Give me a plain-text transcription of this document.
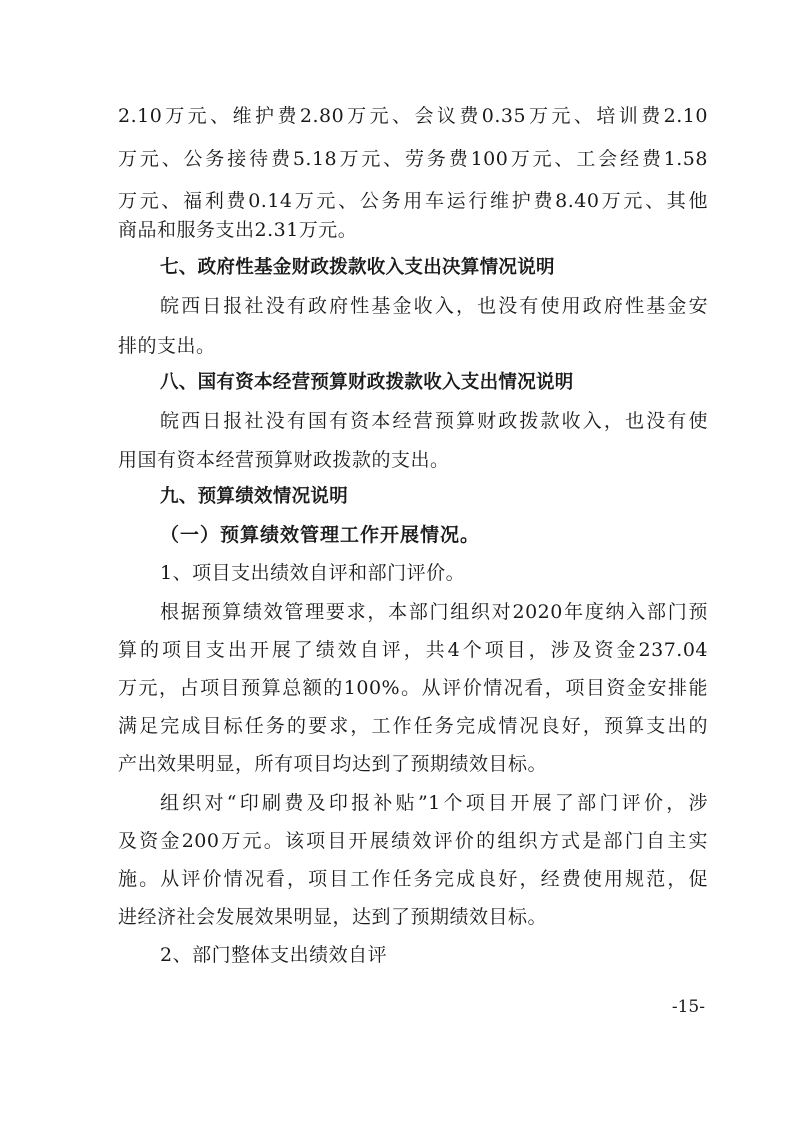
2.10万元、维护费2.80万元、会议费0.35万元、培训费2.10
万元、公务接待费5.18万元、劳务费100万元、工会经费1.58
万元、福利费0.14万元、公务用车运行维护费8.40万元、其他
商品和服务支出2.31万元。
七、政府性基金财政拨款收入支出决算情况说明
皖西日报社没有政府性基金收入，也没有使用政府性基金安
排的支出。
八、国有资本经营预算财政拨款收入支出情况说明
皖西日报社没有国有资本经营预算财政拨款收入，也没有使
用国有资本经营预算财政拨款的支出。
九、预算绩效情况说明
（一）预算绩效管理工作开展情况。
1、项目支出绩效自评和部门评价。
根据预算绩效管理要求，本部门组织对2020年度纳入部门预
算的项目支出开展了绩效自评，共4个项目，涉及资金237.04
万元，占项目预算总额的100%。从评价情况看，项目资金安排能
满足完成目标任务的要求，工作任务完成情况良好，预算支出的
产出效果明显，所有项目均达到了预期绩效目标。
组织对“印刷费及印报补贴”1个项目开展了部门评价，涉
及资金200万元。该项目开展绩效评价的组织方式是部门自主实
施。从评价情况看，项目工作任务完成良好，经费使用规范，促
进经济社会发展效果明显，达到了预期绩效目标。
2、部门整体支出绩效自评
-15-
